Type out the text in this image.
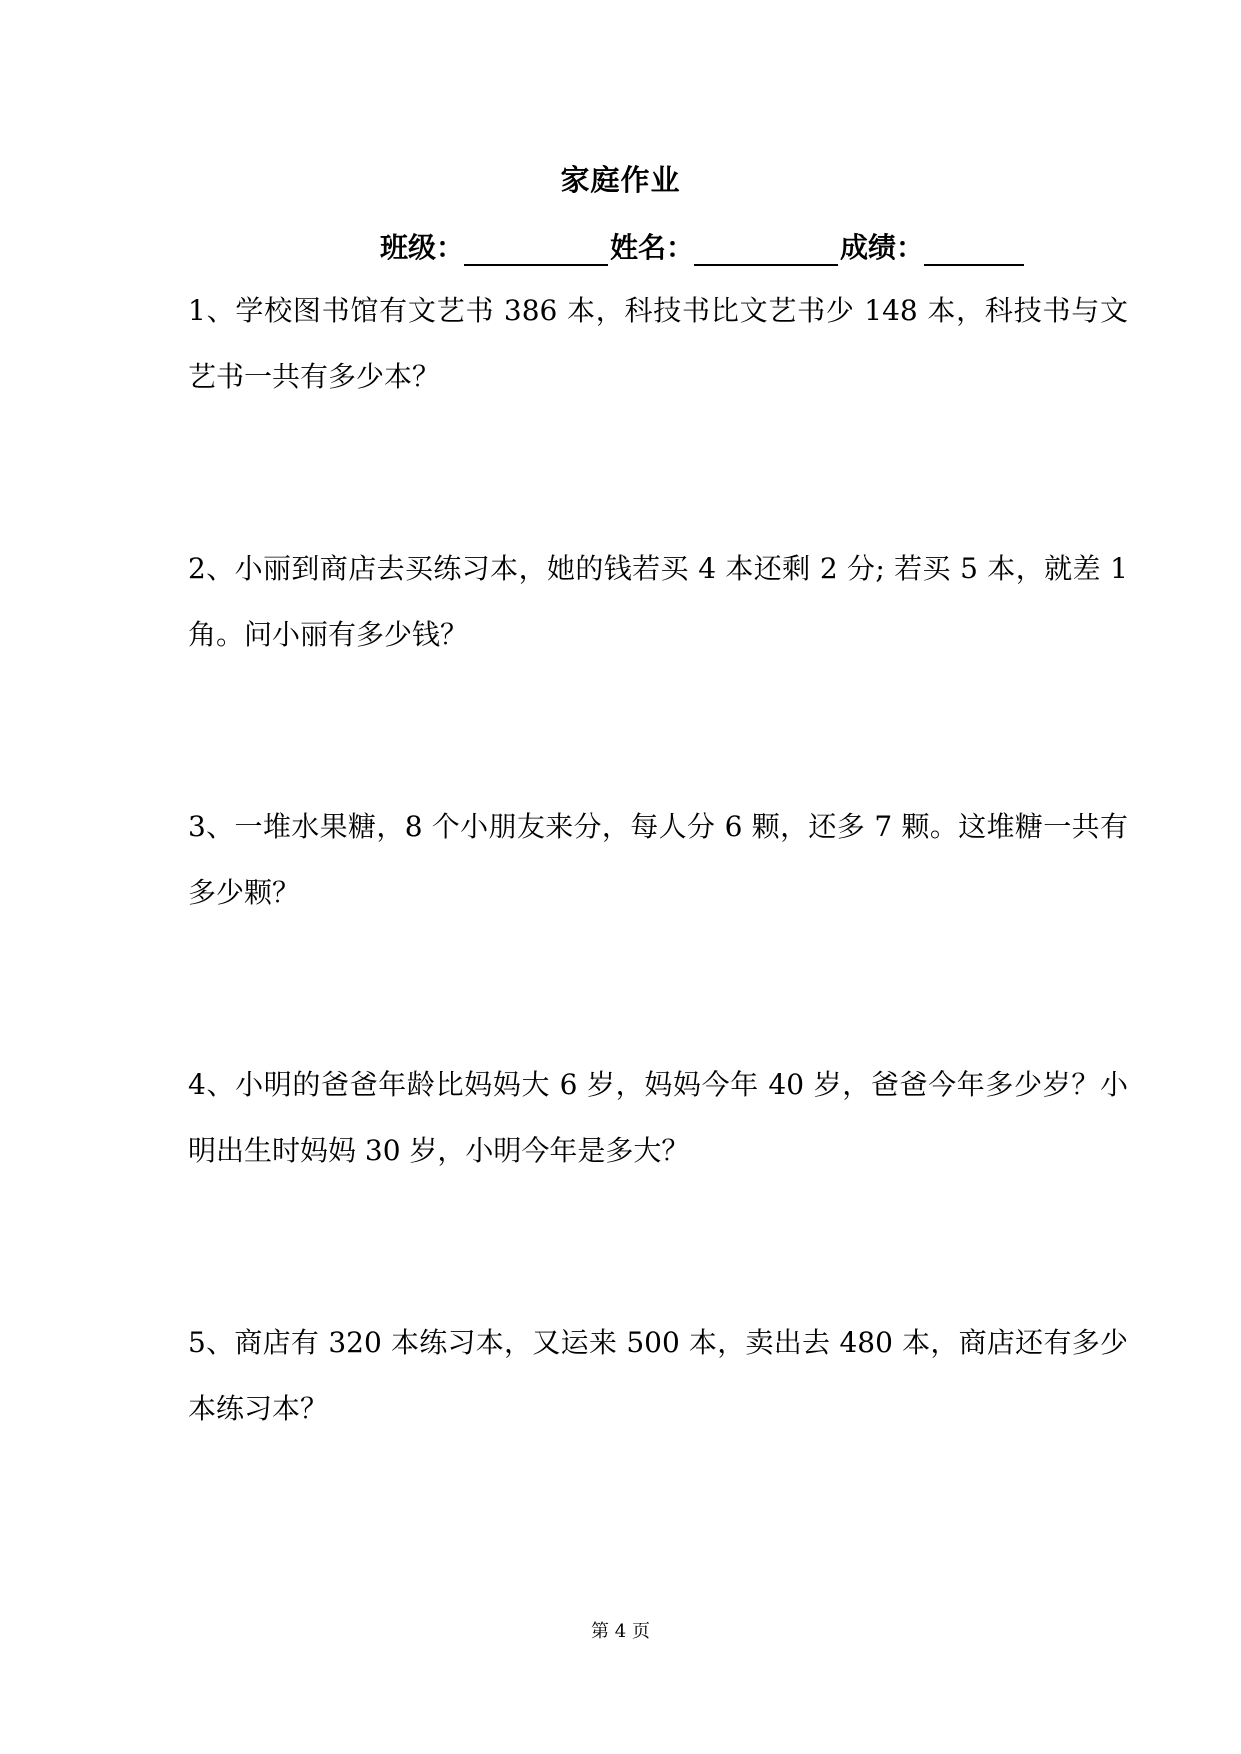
家庭作业
班级：	姓名：	成绩：

1、学校图书馆有文艺书 386 本，科技书比文艺书少 148 本，科技书与文艺书一共有多少本？

2、小丽到商店去买练习本，她的钱若买 4 本还剩 2 分; 若买 5 本，就差 1 角。问小丽有多少钱？

3、一堆水果糖，8 个小朋友来分，每人分 6 颗，还多 7 颗。这堆糖一共有多少颗？

4、小明的爸爸年龄比妈妈大 6 岁，妈妈今年 40 岁，爸爸今年多少岁？小明出生时妈妈 30 岁，小明今年是多大？

5、商店有 320 本练习本，又运来 500 本，卖出去 480 本，商店还有多少本练习本？

第 4 页
